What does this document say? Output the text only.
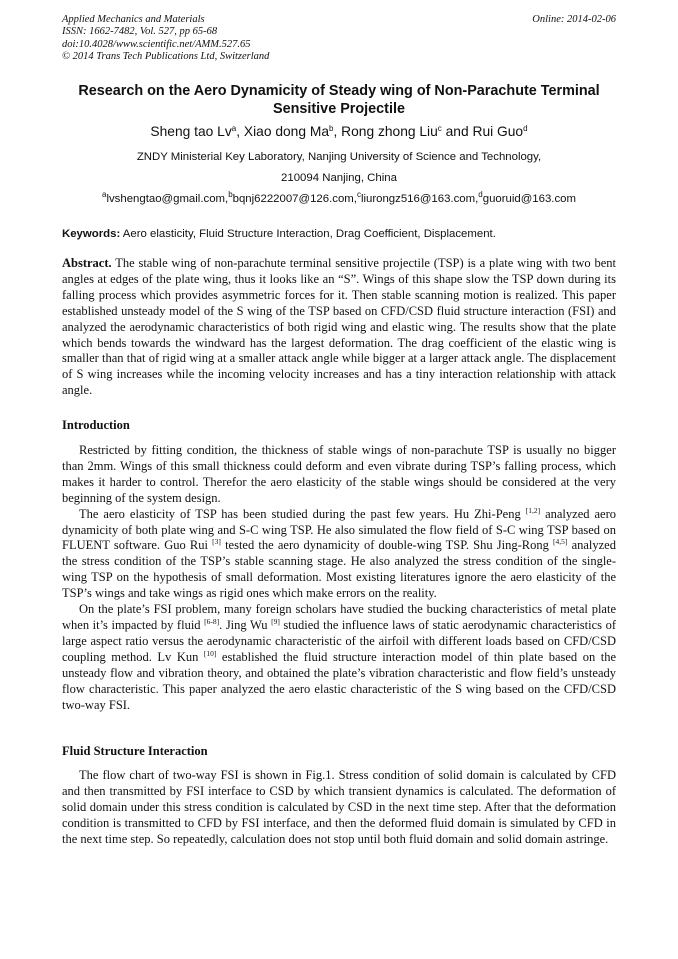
Applied Mechanics and Materials
ISSN: 1662-7482, Vol. 527, pp 65-68
doi:10.4028/www.scientific.net/AMM.527.65
© 2014 Trans Tech Publications Ltd, Switzerland
Online: 2014-02-06
Research on the Aero Dynamicity of Steady wing of Non-Parachute Terminal Sensitive Projectile
Sheng tao Lv$^a$, Xiao dong Ma$^b$, Rong zhong Liu$^c$ and Rui Guo$^d$
ZNDY Ministerial Key Laboratory, Nanjing University of Science and Technology,
210094 Nanjing, China
$^a$lvshengtao@gmail.com,$^b$bqnj6222007@126.com,$^c$liurongz516@163.com,$^d$guoruid@163.com
Keywords: Aero elasticity, Fluid Structure Interaction, Drag Coefficient, Displacement.
Abstract. The stable wing of non-parachute terminal sensitive projectile (TSP) is a plate wing with two bent angles at edges of the plate wing, thus it looks like an “S”. Wings of this shape slow the TSP down during its falling process which provides asymmetric forces for it. Then stable scanning motion is realized. This paper established unsteady model of the S wing of the TSP based on CFD/CSD fluid structure interaction (FSI) and analyzed the aerodynamic characteristics of both rigid wing and elastic wing. The results show that the plate which bends towards the windward has the largest deformation. The drag coefficient of the elastic wing is smaller than that of rigid wing at a smaller attack angle while bigger at a larger attack angle. The displacement of S wing increases while the incoming velocity increases and has a tiny interaction relationship with attack angle.
Introduction

Restricted by fitting condition, the thickness of stable wings of non-parachute TSP is usually no bigger than 2mm. Wings of this small thickness could deform and even vibrate during TSP’s falling process, which makes it harder to control. Therefor the aero elasticity of the stable wings should be considered at the very beginning of the system design.

The aero elasticity of TSP has been studied during the past few years. Hu Zhi-Peng [1,2] analyzed aero dynamicity of both plate wing and S-C wing TSP. He also simulated the flow field of S-C wing TSP based on FLUENT software. Guo Rui [3] tested the aero dynamicity of double-wing TSP. Shu Jing-Rong [4,5] analyzed the stress condition of the TSP’s stable scanning stage. He also analyzed the stress condition of the single-wing TSP on the hypothesis of small deformation. Most existing literatures ignore the aero elasticity of the TSP’s wings and take wings as rigid ones which make errors on the reality.

On the plate’s FSI problem, many foreign scholars have studied the bucking characteristics of metal plate when it’s impacted by fluid [6-8]. Jing Wu [9] studied the influence laws of static aerodynamic characteristics of large aspect ratio versus the aerodynamic characteristic of the airfoil with different loads based on CFD/CSD coupling method. Lv Kun [10] established the fluid structure interaction model of thin plate based on the unsteady flow and vibration theory, and obtained the plate’s vibration characteristic and flow field’s unsteady flow characteristic. This paper analyzed the aero elastic characteristic of the S wing based on the CFD/CSD two-way FSI.

Fluid Structure Interaction

The flow chart of two-way FSI is shown in Fig.1. Stress condition of solid domain is calculated by CFD and then transmitted by FSI interface to CSD by which transient dynamics is calculated. The deformation of solid domain under this stress condition is calculated by CSD in the next time step. After that the deformation condition is transmitted to CFD by FSI interface, and then the deformed fluid domain is simulated by CFD in the next time step. So repeatedly, calculation does not stop until both fluid domain and solid domain astringe.
